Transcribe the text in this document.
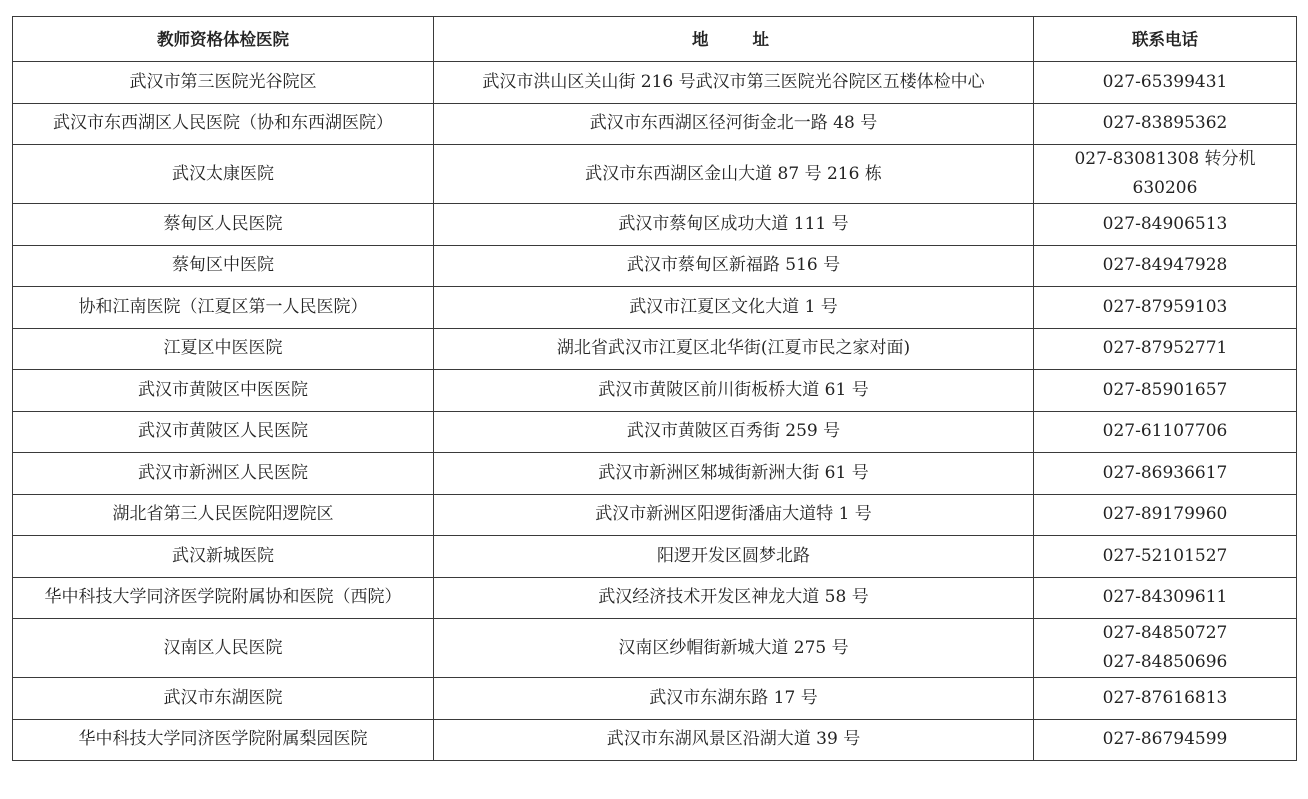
教师资格体检医院	地址	联系电话
武汉市第三医院光谷院区	武汉市洪山区关山街 216 号武汉市第三医院光谷院区五楼体检中心	027-65399431

武汉市东西湖区人民医院（协和东西湖医院）	武汉市东西湖区径河街金北一路 48 号	027-83895362

武汉太康医院	武汉市东西湖区金山大道 87 号 216 栋	027-83081308 转分机
630206

蔡甸区人民医院	武汉市蔡甸区成功大道 111 号	027-84906513

蔡甸区中医院	武汉市蔡甸区新福路 516 号	027-84947928

协和江南医院（江夏区第一人民医院）	武汉市江夏区文化大道 1 号	027-87959103

江夏区中医医院	湖北省武汉市江夏区北华街(江夏市民之家对面)	027-87952771

武汉市黄陂区中医医院	武汉市黄陂区前川街板桥大道 61 号	027-85901657

武汉市黄陂区人民医院	武汉市黄陂区百秀街 259 号	027-61107706

武汉市新洲区人民医院	武汉市新洲区邾城街新洲大街 61 号	027-86936617

湖北省第三人民医院阳逻院区	武汉市新洲区阳逻街潘庙大道特 1 号	027-89179960

武汉新城医院	阳逻开发区圆梦北路	027-52101527

华中科技大学同济医学院附属协和医院（西院）	武汉经济技术开发区神龙大道 58 号	027-84309611

汉南区人民医院	汉南区纱帽街新城大道 275 号	027-84850727
027-84850696

武汉市东湖医院	武汉市东湖东路 17 号	027-87616813

华中科技大学同济医学院附属梨园医院	武汉市东湖风景区沿湖大道 39 号	027-86794599
